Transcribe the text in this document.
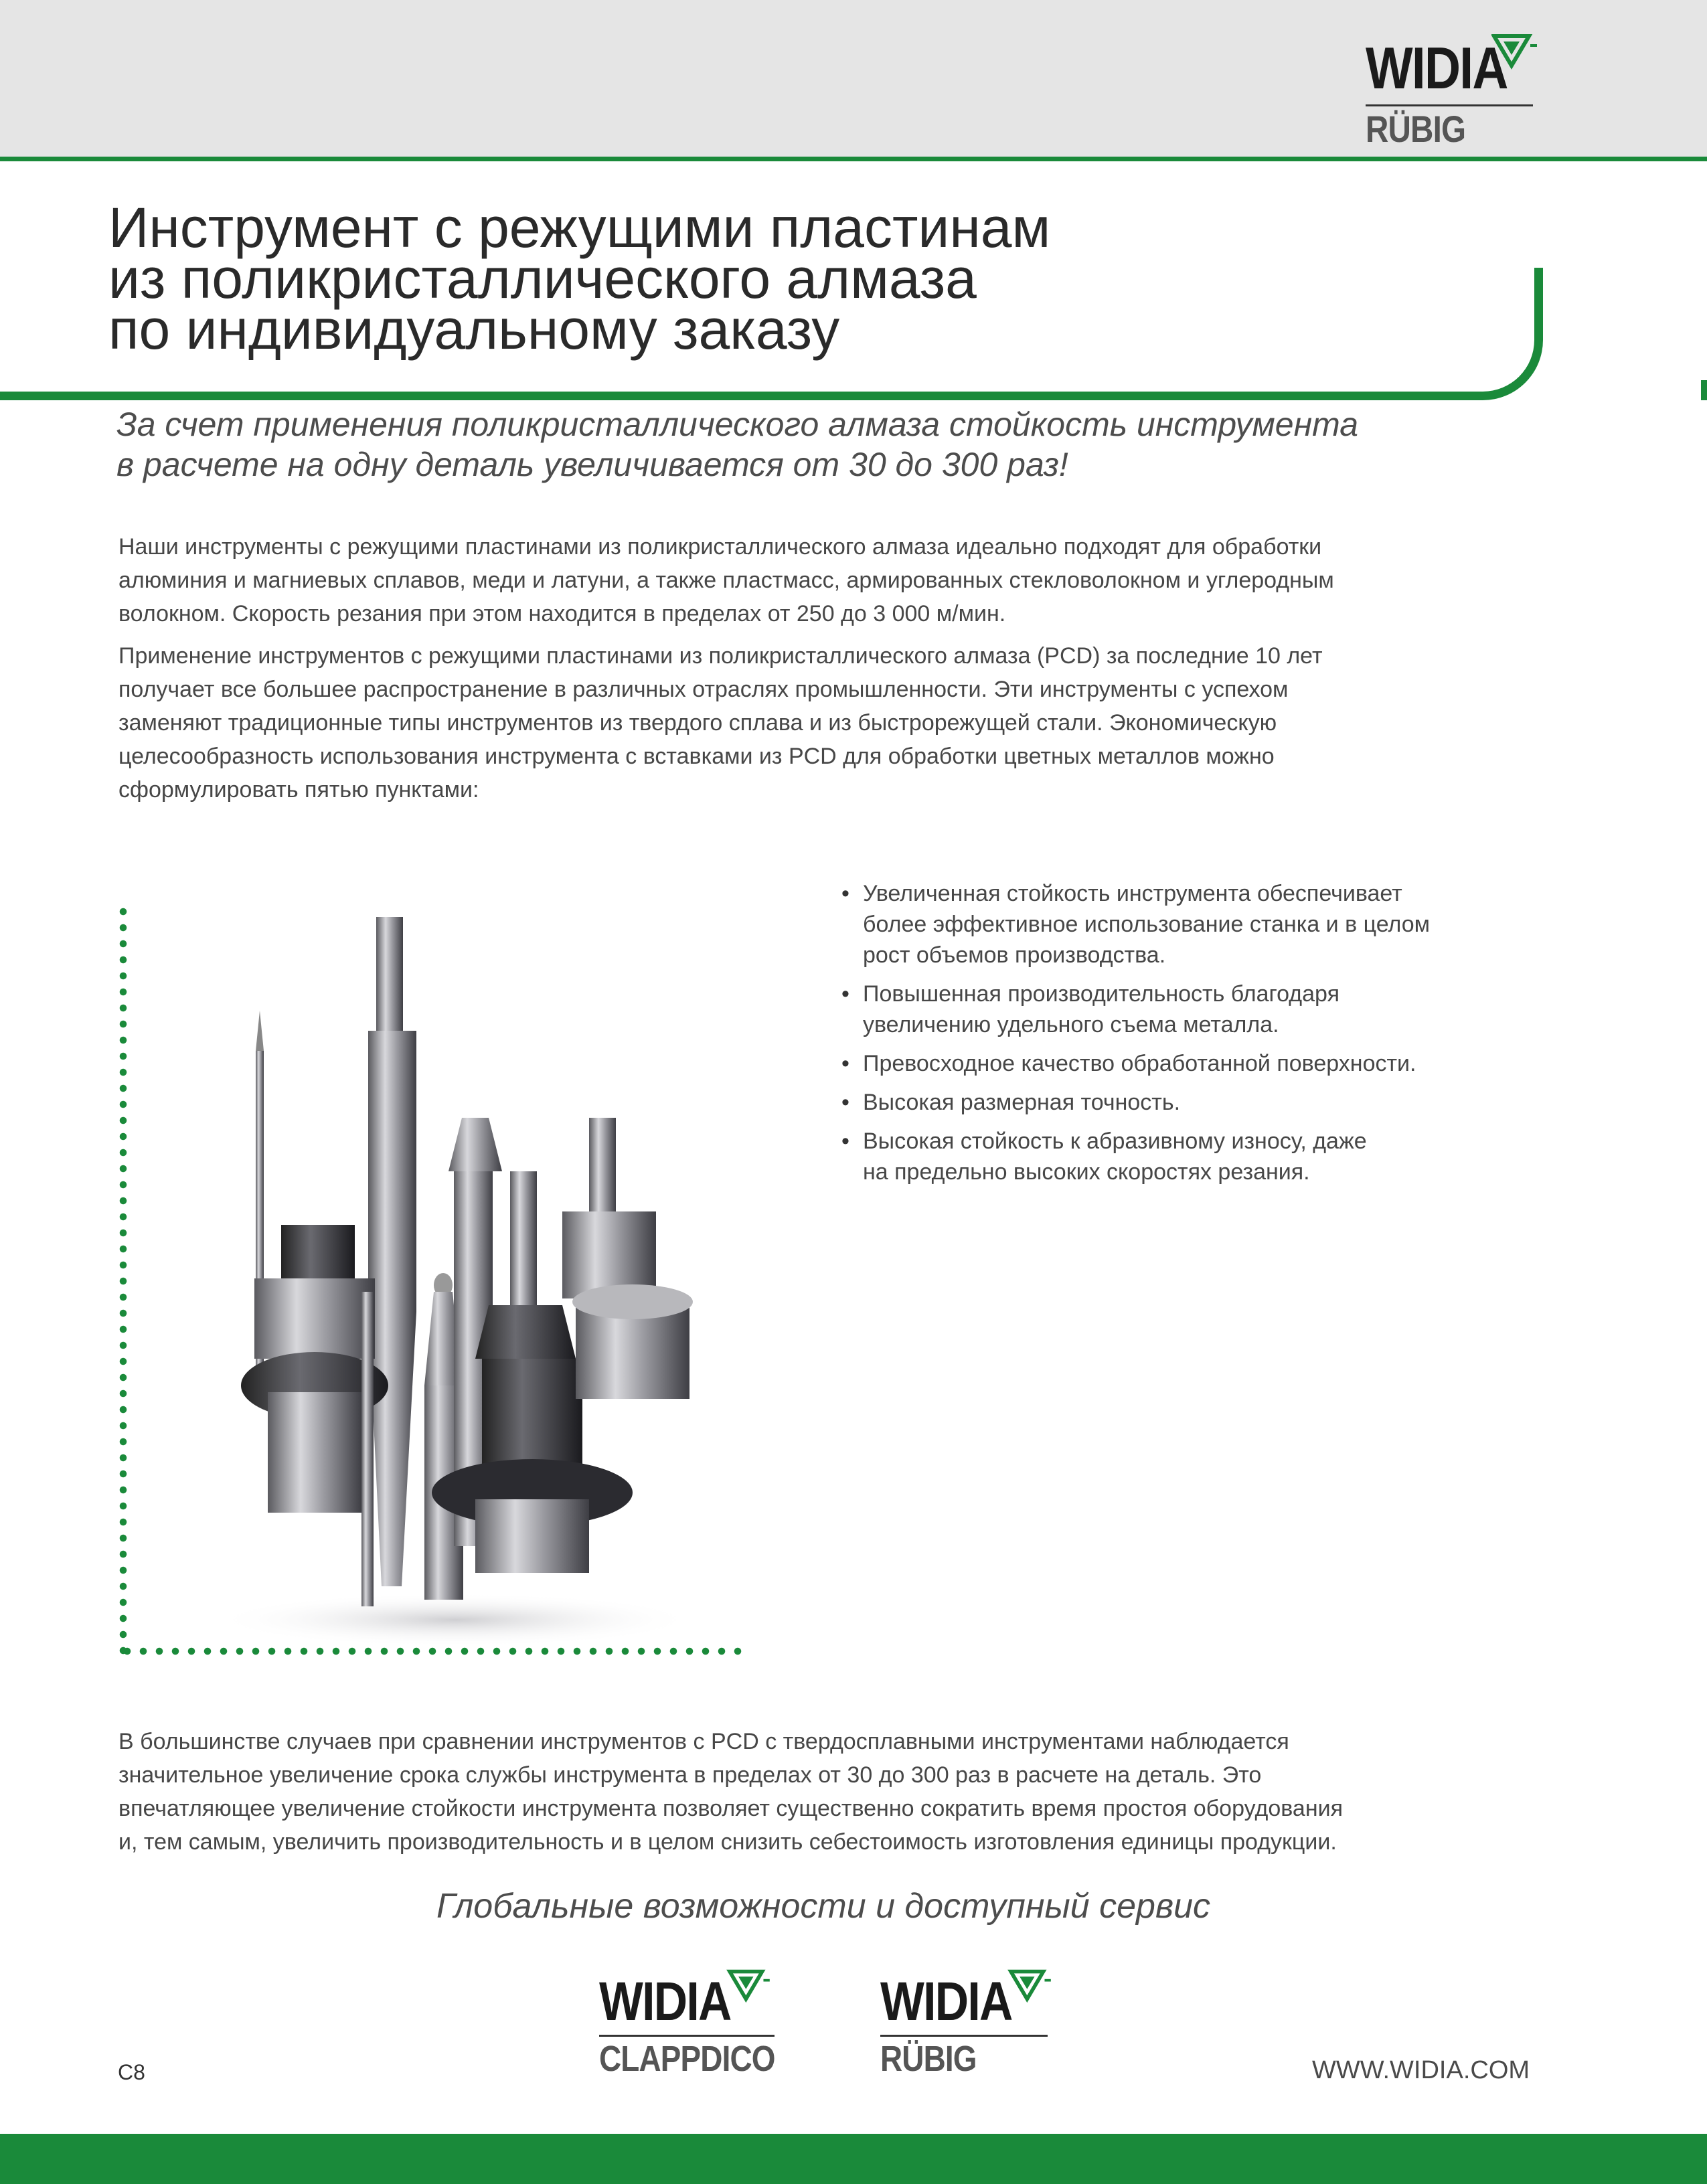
WIDIA
RÜBIG
Инструмент с режущими пластинам
из поликристаллического алмаза
по индивидуальному заказу

За счет применения поликристаллического алмаза стойкость инструмента
в расчете на одну деталь увеличивается от 30 до 300 раз!

Наши инструменты с режущими пластинами из поликристаллического алмаза идеально подходят для обработки
алюминия и магниевых сплавов, меди и латуни, а также пластмасс, армированных стекловолокном и углеродным
волокном. Скорость резания при этом находится в пределах от 250 до 3 000 м/мин.

Применение инструментов с режущими пластинами из поликристаллического алмаза (PCD) за последние 10 лет
получает все большее распространение в различных отраслях промышленности. Эти инструменты с успехом
заменяют традиционные типы инструментов из твердого сплава и из быстрорежущей стали. Экономическую
целесообразность использования инструмента с вставками из PCD для обработки цветных металлов можно
сформулировать пятью пунктами:

• Увеличенная стойкость инструмента обеспечивает
более эффективное использование станка и в целом
рост объемов производства.
• Повышенная производительность благодаря
увеличению удельного съема металла.
• Превосходное качество обработанной поверхности.
• Высокая размерная точность.
• Высокая стойкость к абразивному износу, даже
на предельно высоких скоростях резания.

В большинстве случаев при сравнении инструментов с PCD с твердосплавными инструментами наблюдается
значительное увеличение срока службы инструмента в пределах от 30 до 300 раз в расчете на деталь. Это
впечатляющее увеличение стойкости инструмента позволяет существенно сократить время простоя оборудования
и, тем самым, увеличить производительность и в целом снизить себестоимость изготовления единицы продукции.

Глобальные возможности и доступный сервис

WIDIA
CLAPPDICO
WIDIA
RÜBIG
C8	WWW.WIDIA.COM
